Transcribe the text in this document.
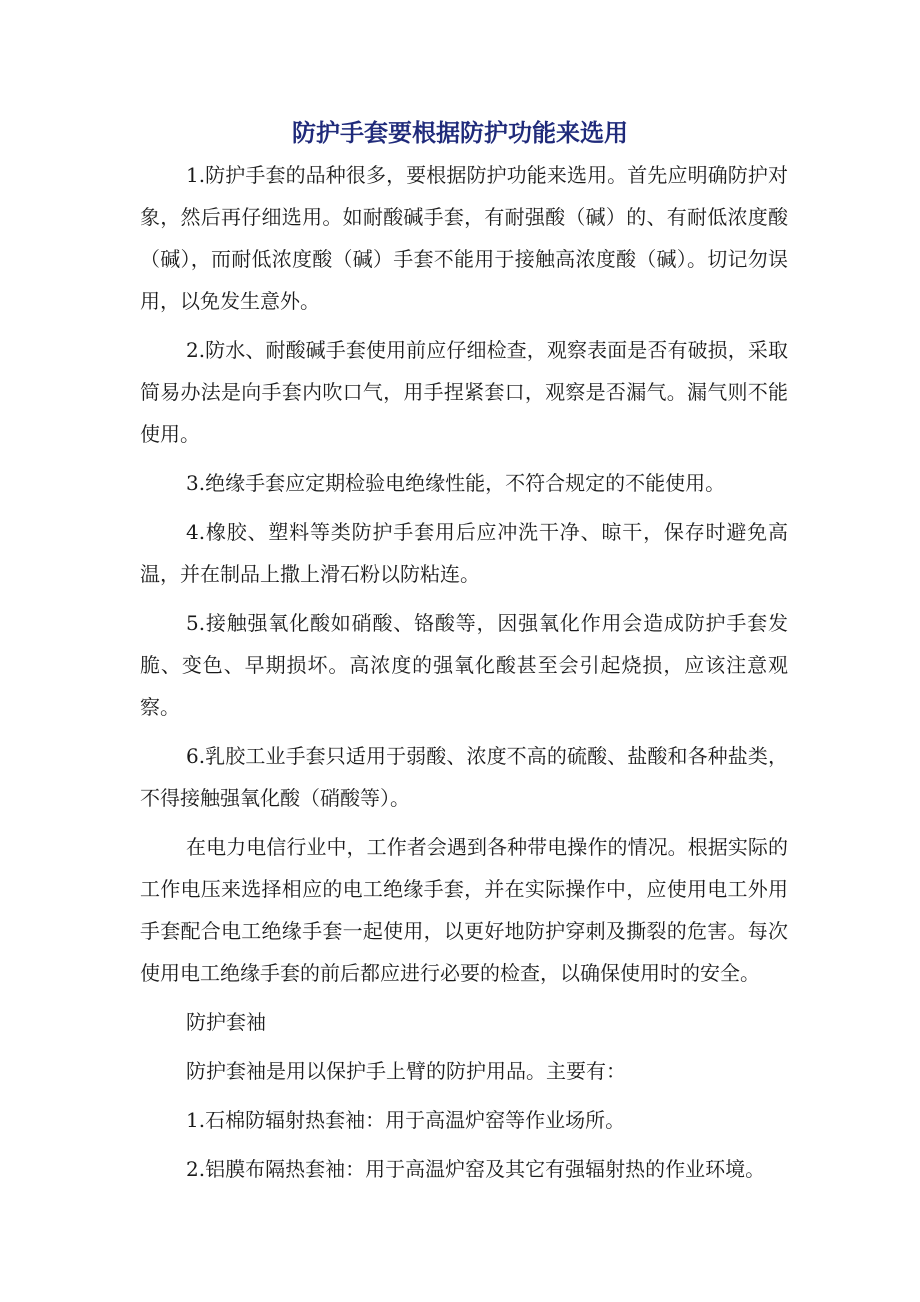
防护手套要根据防护功能来选用

1.防护手套的品种很多，要根据防护功能来选用。首先应明确防护对象，然后再仔细选用。如耐酸碱手套，有耐强酸（碱）的、有耐低浓度酸（碱），而耐低浓度酸（碱）手套不能用于接触高浓度酸（碱）。切记勿误用，以免发生意外。

2.防水、耐酸碱手套使用前应仔细检查，观察表面是否有破损，采取简易办法是向手套内吹口气，用手捏紧套口，观察是否漏气。漏气则不能使用。

3.绝缘手套应定期检验电绝缘性能，不符合规定的不能使用。

4.橡胶、塑料等类防护手套用后应冲洗干净、晾干，保存时避免高温，并在制品上撒上滑石粉以防粘连。

5.接触强氧化酸如硝酸、铬酸等，因强氧化作用会造成防护手套发脆、变色、早期损坏。高浓度的强氧化酸甚至会引起烧损，应该注意观察。

6.乳胶工业手套只适用于弱酸、浓度不高的硫酸、盐酸和各种盐类，不得接触强氧化酸（硝酸等）。

在电力电信行业中，工作者会遇到各种带电操作的情况。根据实际的工作电压来选择相应的电工绝缘手套，并在实际操作中，应使用电工外用手套配合电工绝缘手套一起使用，以更好地防护穿刺及撕裂的危害。每次使用电工绝缘手套的前后都应进行必要的检查，以确保使用时的安全。

防护套袖

防护套袖是用以保护手上臂的防护用品。主要有：

1.石棉防辐射热套袖：用于高温炉窑等作业场所。

2.铝膜布隔热套袖：用于高温炉窑及其它有强辐射热的作业环境。
